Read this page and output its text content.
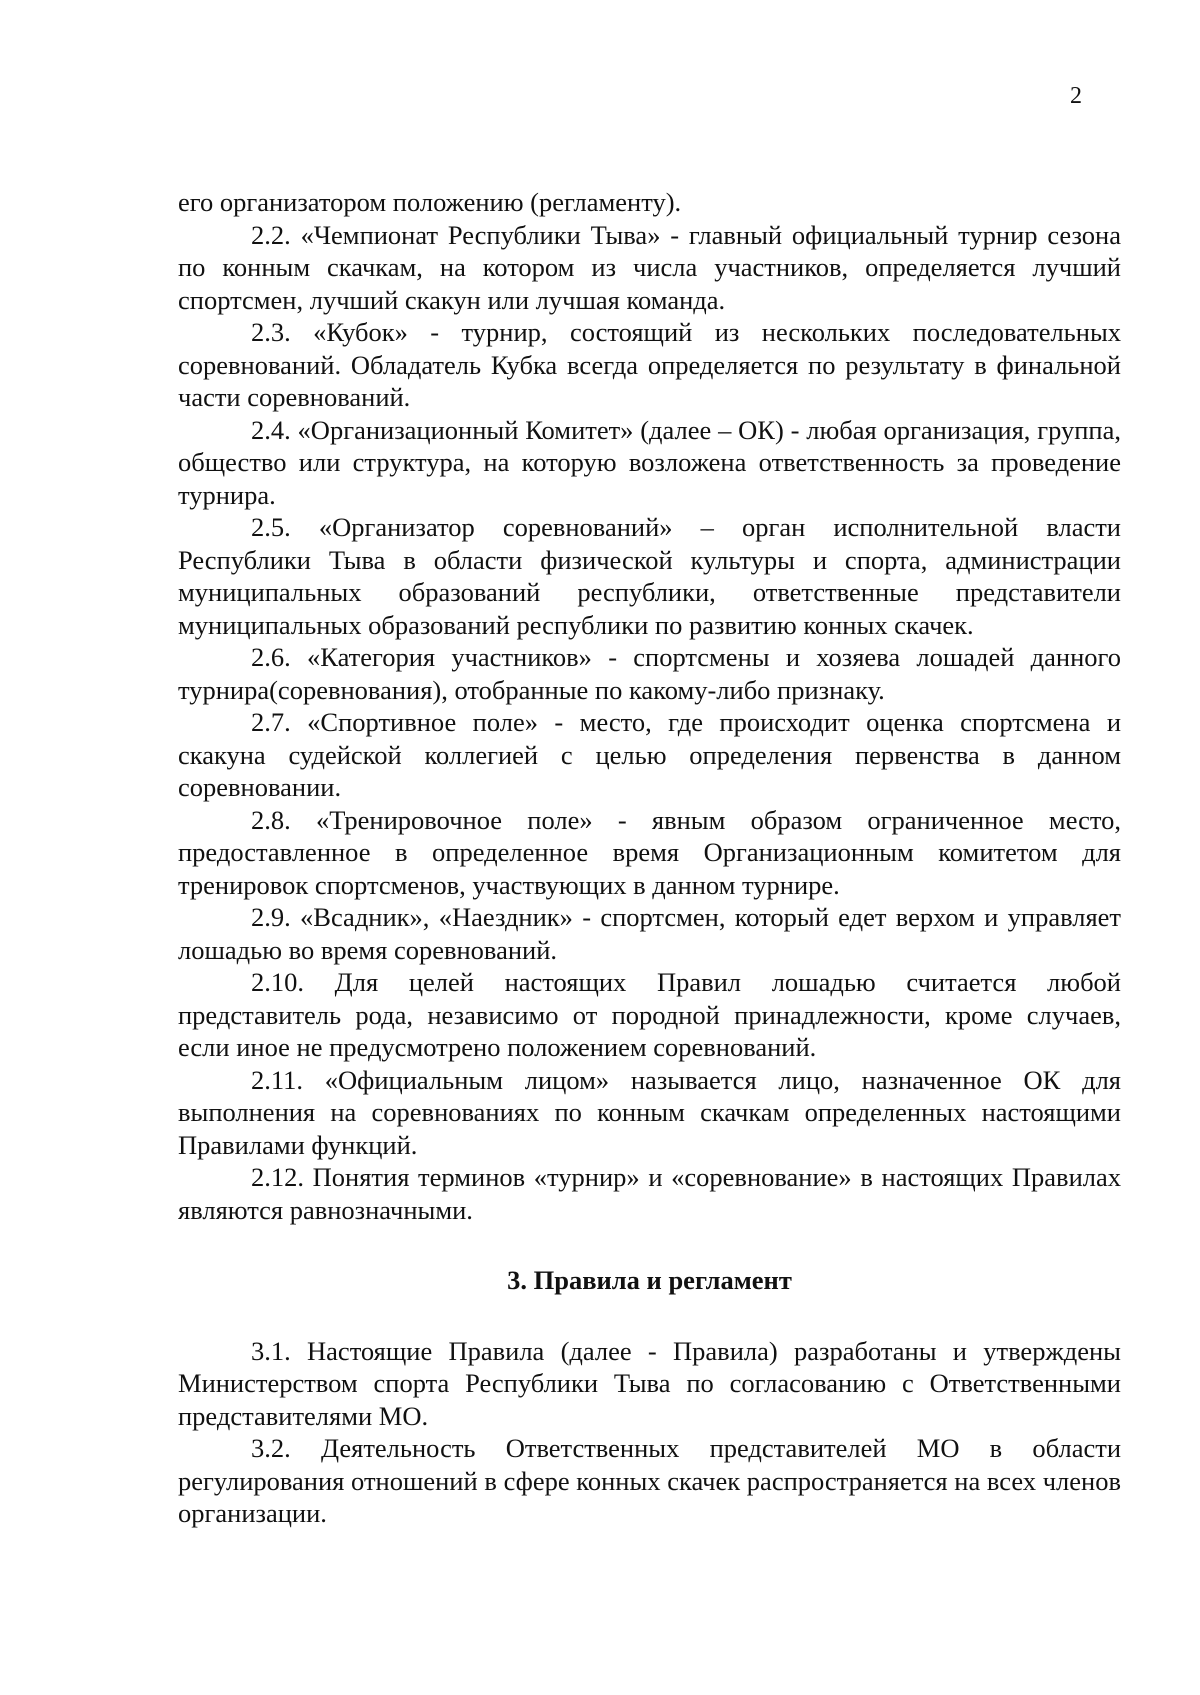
2

его организатором положению (регламенту).

2.2. «Чемпионат Республики Тыва» - главный официальный турнир сезона по конным скачкам, на котором из числа участников, определяется лучший спортсмен, лучший скакун или лучшая команда.

2.3. «Кубок» - турнир, состоящий из нескольких последовательных соревнований. Обладатель Кубка всегда определяется по результату в финальной части соревнований.

2.4. «Организационный Комитет» (далее – ОК) - любая организация, группа, общество или структура, на которую возложена ответственность за проведение турнира.

2.5. «Организатор соревнований» – орган исполнительной власти Республики Тыва в области физической культуры и спорта, администрации муниципальных образований республики, ответственные представители муниципальных образований республики по развитию конных скачек.

2.6. «Категория участников» - спортсмены и хозяева лошадей данного турнира(соревнования), отобранные по какому-либо признаку.

2.7. «Спортивное поле» - место, где происходит оценка спортсмена и скакуна судейской коллегией с целью определения первенства в данном соревновании.

2.8. «Тренировочное поле» - явным образом ограниченное место, предоставленное в определенное время Организационным комитетом для тренировок спортсменов, участвующих в данном турнире.

2.9. «Всадник», «Наездник» - спортсмен, который едет верхом и управляет лошадью во время соревнований.

2.10. Для целей настоящих Правил лошадью считается любой представитель рода, независимо от породной принадлежности, кроме случаев, если иное не предусмотрено положением соревнований.

2.11. «Официальным лицом» называется лицо, назначенное ОК для выполнения на соревнованиях по конным скачкам определенных настоящими Правилами функций.

2.12. Понятия терминов «турнир» и «соревнование» в настоящих Правилах являются равнозначными.

3. Правила и регламент

3.1. Настоящие Правила (далее - Правила) разработаны и утверждены Министерством спорта Республики Тыва по согласованию с Ответственными представителями МО.

3.2. Деятельность Ответственных представителей МО в области регулирования отношений в сфере конных скачек распространяется на всех членов организации.
